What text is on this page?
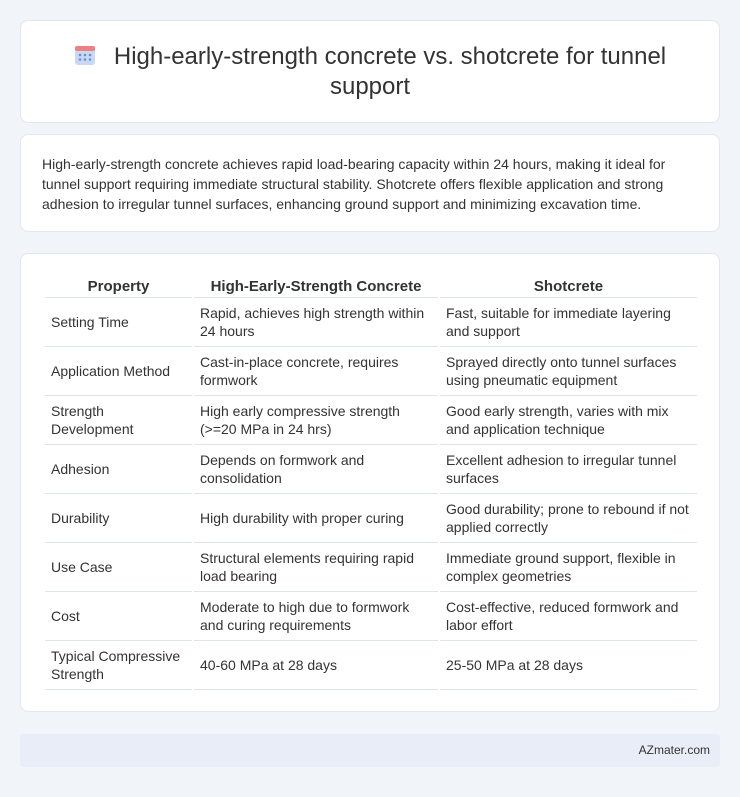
High-early-strength concrete vs. shotcrete for tunnel support

High-early-strength concrete achieves rapid load-bearing capacity within 24 hours, making it ideal for tunnel support requiring immediate structural stability. Shotcrete offers flexible application and strong adhesion to irregular tunnel surfaces, enhancing ground support and minimizing excavation time.

Property	High-Early-Strength Concrete	Shotcrete
Setting Time	Rapid, achieves high strength within 24 hours	Fast, suitable for immediate layering and support
Application Method	Cast-in-place concrete, requires formwork	Sprayed directly onto tunnel surfaces using pneumatic equipment
Strength Development	High early compressive strength (>=20 MPa in 24 hrs)	Good early strength, varies with mix and application technique
Adhesion	Depends on formwork and consolidation	Excellent adhesion to irregular tunnel surfaces
Durability	High durability with proper curing	Good durability; prone to rebound if not applied correctly
Use Case	Structural elements requiring rapid load bearing	Immediate ground support, flexible in complex geometries
Cost	Moderate to high due to formwork and curing requirements	Cost-effective, reduced formwork and labor effort
Typical Compressive Strength	40-60 MPa at 28 days	25-50 MPa at 28 days
AZmater.com
